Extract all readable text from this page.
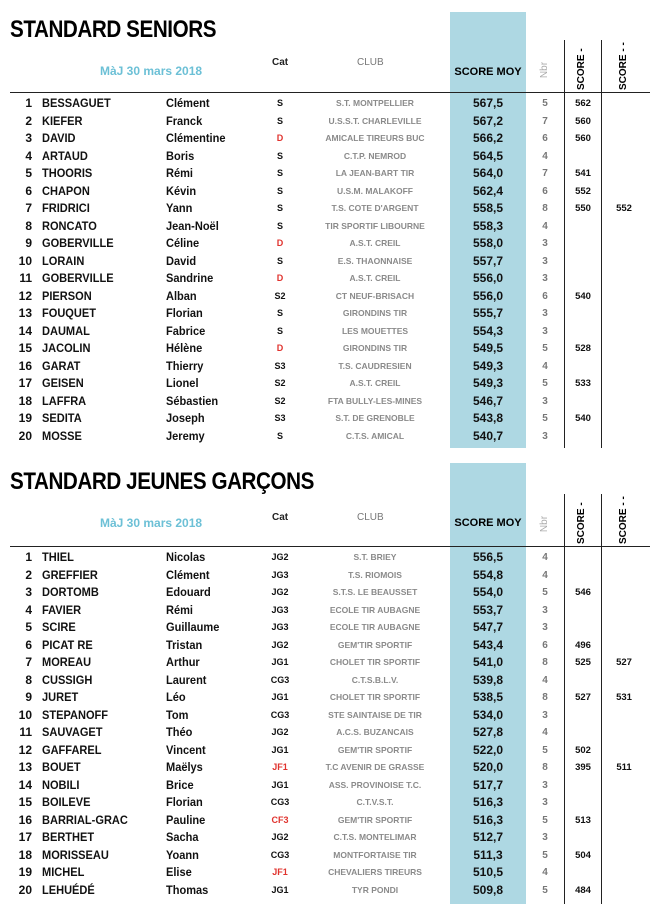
STANDARD SENIORS
MàJ 30 mars 2018
Cat	CLUB
SCORE MOY	Nbr	SCORE -	SCORE - -
1 BESSAGUET	Clément	S	S.T. MONTPELLIER	567,5	5	562
2 KIEFER	Franck	S	U.S.S.T. CHARLEVILLE	567,2	7	560
3 DAVID	Clémentine	D	AMICALE TIREURS BUC	566,2	6	560
4 ARTAUD	Boris	S	C.T.P. NEMROD	564,5	4
5 THOORIS	Rémi	S	LA JEAN-BART TIR	564,0	7	541
6 CHAPON	Kévin	S	U.S.M. MALAKOFF	562,4	6	552
7 FRIDRICI	Yann	S	T.S. COTE D'ARGENT	558,5	8	550	552
8 RONCATO	Jean-Noël	S	TIR SPORTIF LIBOURNE	558,3	4
9 GOBERVILLE	Céline	D	A.S.T. CREIL	558,0	3
10 LORAIN	David	S	E.S. THAONNAISE	557,7	3
11 GOBERVILLE	Sandrine	D	A.S.T. CREIL	556,0	3
12 PIERSON	Alban	S2	CT NEUF-BRISACH	556,0	6	540
13 FOUQUET	Florian	S	GIRONDINS TIR	555,7	3
14 DAUMAL	Fabrice	S	LES MOUETTES	554,3	3
15 JACOLIN	Hélène	D	GIRONDINS TIR	549,5	5	528
16 GARAT	Thierry	S3	T.S. CAUDRESIEN	549,3	4
17 GEISEN	Lionel	S2	A.S.T. CREIL	549,3	5	533
18 LAFFRA	Sébastien	S2	FTA BULLY-LES-MINES	546,7	3
19 SEDITA	Joseph	S3	S.T. DE GRENOBLE	543,8	5	540
20 MOSSE	Jeremy	S	C.T.S. AMICAL	540,7	3
STANDARD JEUNES GARÇONS
MàJ 30 mars 2018	Cat	CLUB	SCORE MOY	Nbr	SCORE -	SCORE - -
1 THIEL	Nicolas	JG2	S.T. BRIEY	556,5	4
2 GREFFIER	Clément	JG3	T.S. RIOMOIS	554,8	4
3 DORTOMB	Edouard	JG2	S.T.S. LE BEAUSSET	554,0	5	546
4 FAVIER	Rémi	JG3	ECOLE TIR AUBAGNE	553,7	3
5 SCIRE	Guillaume	JG3	ECOLE TIR AUBAGNE	547,7	3
6 PICAT RE	Tristan	JG2	GEM'TIR SPORTIF	543,4	6	496
7 MOREAU	Arthur	JG1	CHOLET TIR SPORTIF	541,0	8	525	527
8 CUSSIGH	Laurent	CG3	C.T.S.B.L.V.	539,8	4
9 JURET	Léo	JG1	CHOLET TIR SPORTIF	538,5	8	527	531
10 STEPANOFF	Tom	CG3	STE SAINTAISE DE TIR	534,0	3
11 SAUVAGET	Théo	JG2	A.C.S. BUZANCAIS	527,8	4
12 GAFFAREL	Vincent	JG1	GEM'TIR SPORTIF	522,0	5	502
13 BOUET	Maëlys	JF1	T.C AVENIR DE GRASSE	520,0	8	395	511
14 NOBILI	Brice	JG1	ASS. PROVINOISE T.C.	517,7	3
15 BOILEVE	Florian	CG3	C.T.V.S.T.	516,3	3
16 BARRIAL-GRAC	Pauline	CF3	GEM'TIR SPORTIF	516,3	5	513
17 BERTHET	Sacha	JG2	C.T.S. MONTELIMAR	512,7	3
18 MORISSEAU	Yoann	CG3	MONTFORTAISE TIR	511,3	5	504
19 MICHEL	Elise	JF1	CHEVALIERS TIREURS	510,5	4
20 LEHUÉDÉ	Thomas	JG1	TYR PONDI	509,8	5	484
